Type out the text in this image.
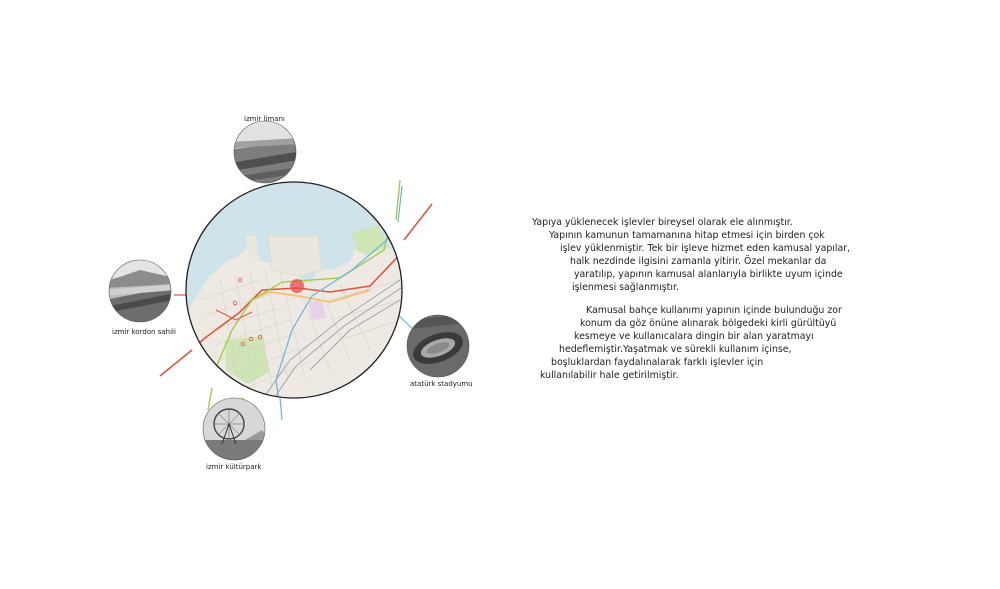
izmir limanı
izmir kordon sahili
atatürk stadyumu
izmir kültürpark
Yapıya yüklenecek işlevler bireysel olarak ele alınmıştır.
Yapının kamunun tamamanına hitap etmesi için birden çok
işlev yüklenmiştir. Tek bir işleve hizmet eden kamusal yapılar,
halk nezdinde ilgisini zamanla yitirir. Özel mekanlar da
yaratılıp, yapının kamusal alanlarıyla birlikte uyum içinde
işlenmesi sağlanmıştır.
Kamusal bahçe kullanımı yapının içinde bulunduğu zor
konum da göz önüne alınarak bölgedeki kirli gürültüyü
kesmeye ve kullanıcalara dingin bir alan yaratmayı
hedeflemiştir.Yaşatmak ve sürekli kullanım içinse,
boşluklardan faydalınalarak farklı işlevler için
kullanılabilir hale getirilmiştir.
